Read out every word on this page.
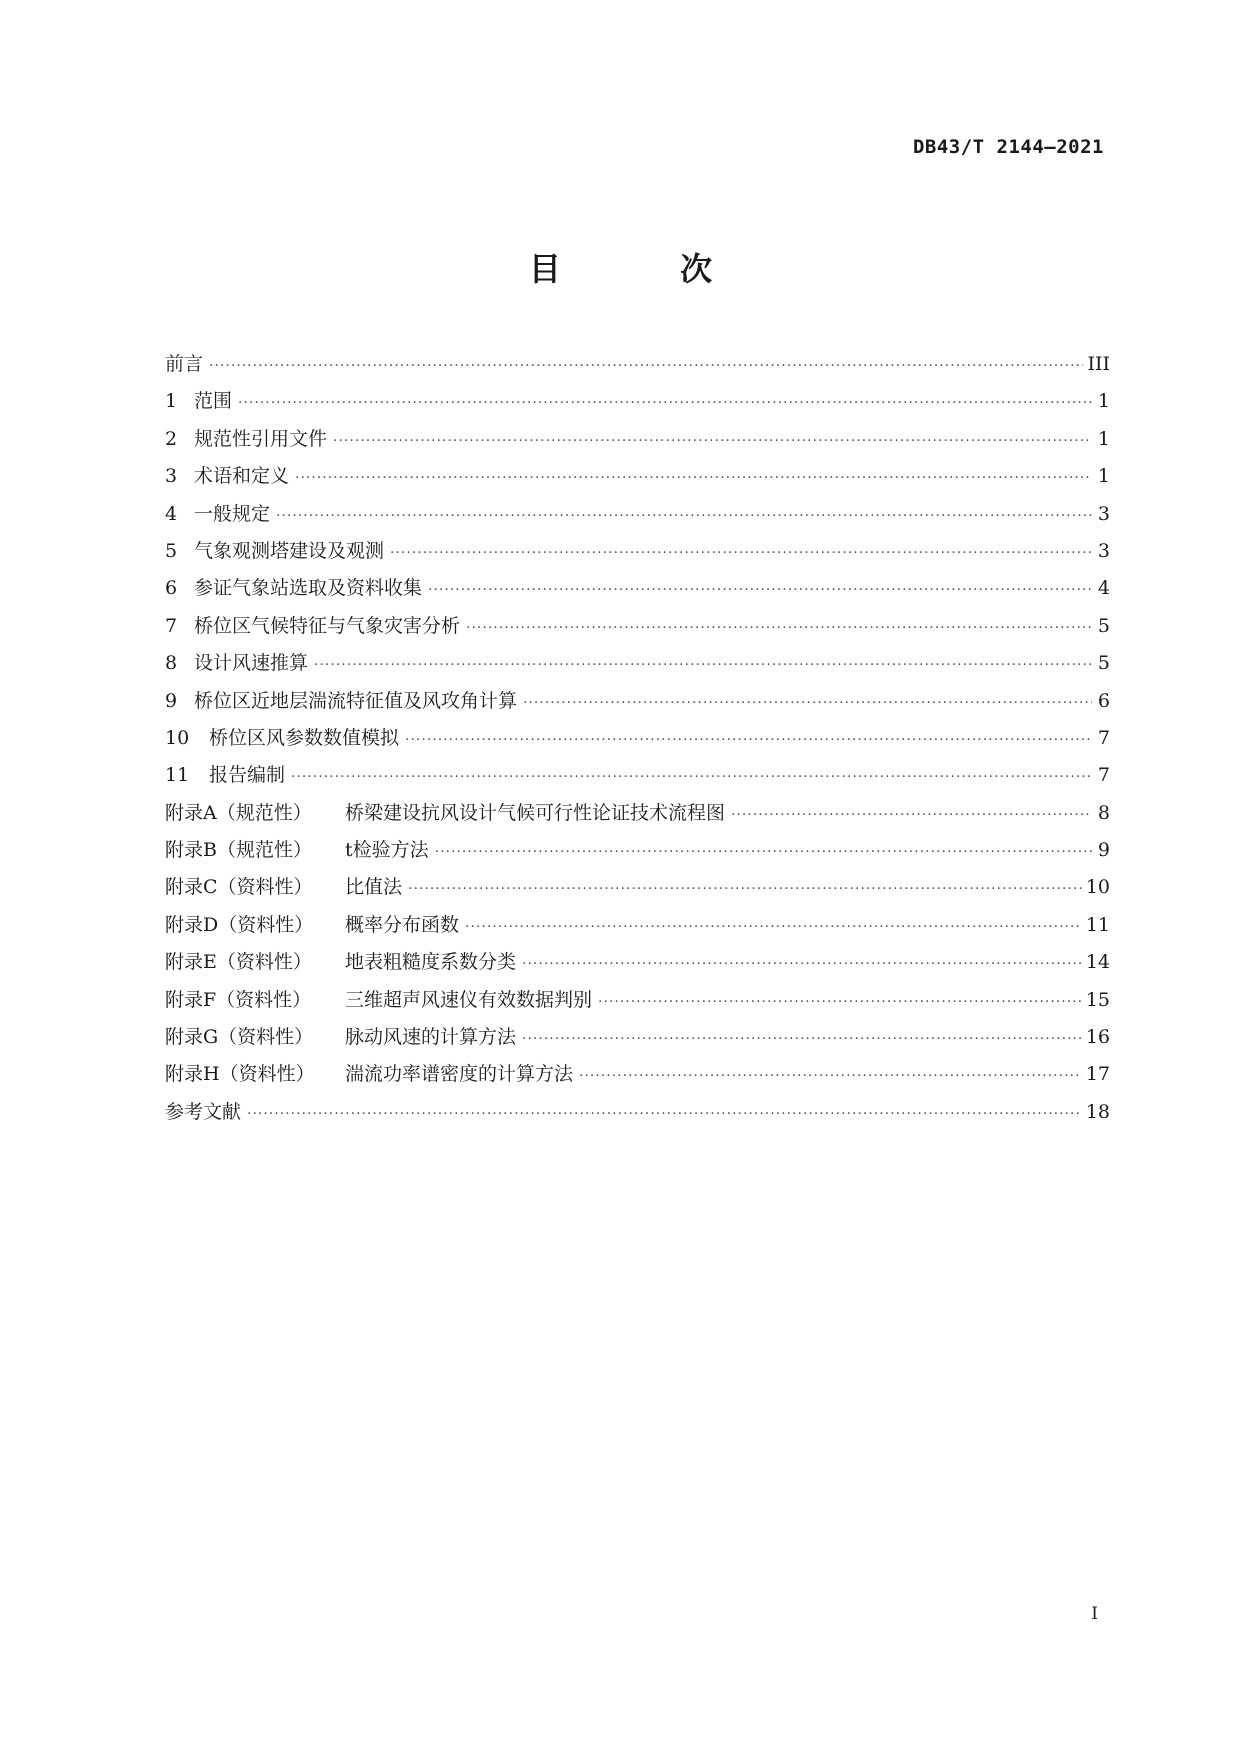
DB43/T 2144—2021
目 次
前言 ·····	III
1 范围 ·····	1
2 规范性引用文件 ·····	1
3 术语和定义 ·····	1
4 一般规定 ·····	3
5 气象观测塔建设及观测 ·····	3
6 参证气象站选取及资料收集 ·····	4
7 桥位区气候特征与气象灾害分析 ·····	5
8 设计风速推算 ·····	5
9 桥位区近地层湍流特征值及风攻角计算 ·····	6
10	桥位区风参数数值模拟 ·····	7
11	报告编制 ·····	7
附录A（规范性）	桥梁建设抗风设计气候可行性论证技术流程图 ·····	8
附录B（规范性）	t检验方法 ·····	9
附录C（资料性）	比值法 ·····	10
附录D（资料性）	概率分布函数 ·····	11
附录E（资料性）	地表粗糙度系数分类 ·····	14
附录F（资料性）	三维超声风速仪有效数据判别 ·····	15
附录G（资料性）	脉动风速的计算方法 ·····	16
附录H（资料性）	湍流功率谱密度的计算方法 ·····	17
参考文献 ·····	18
I
